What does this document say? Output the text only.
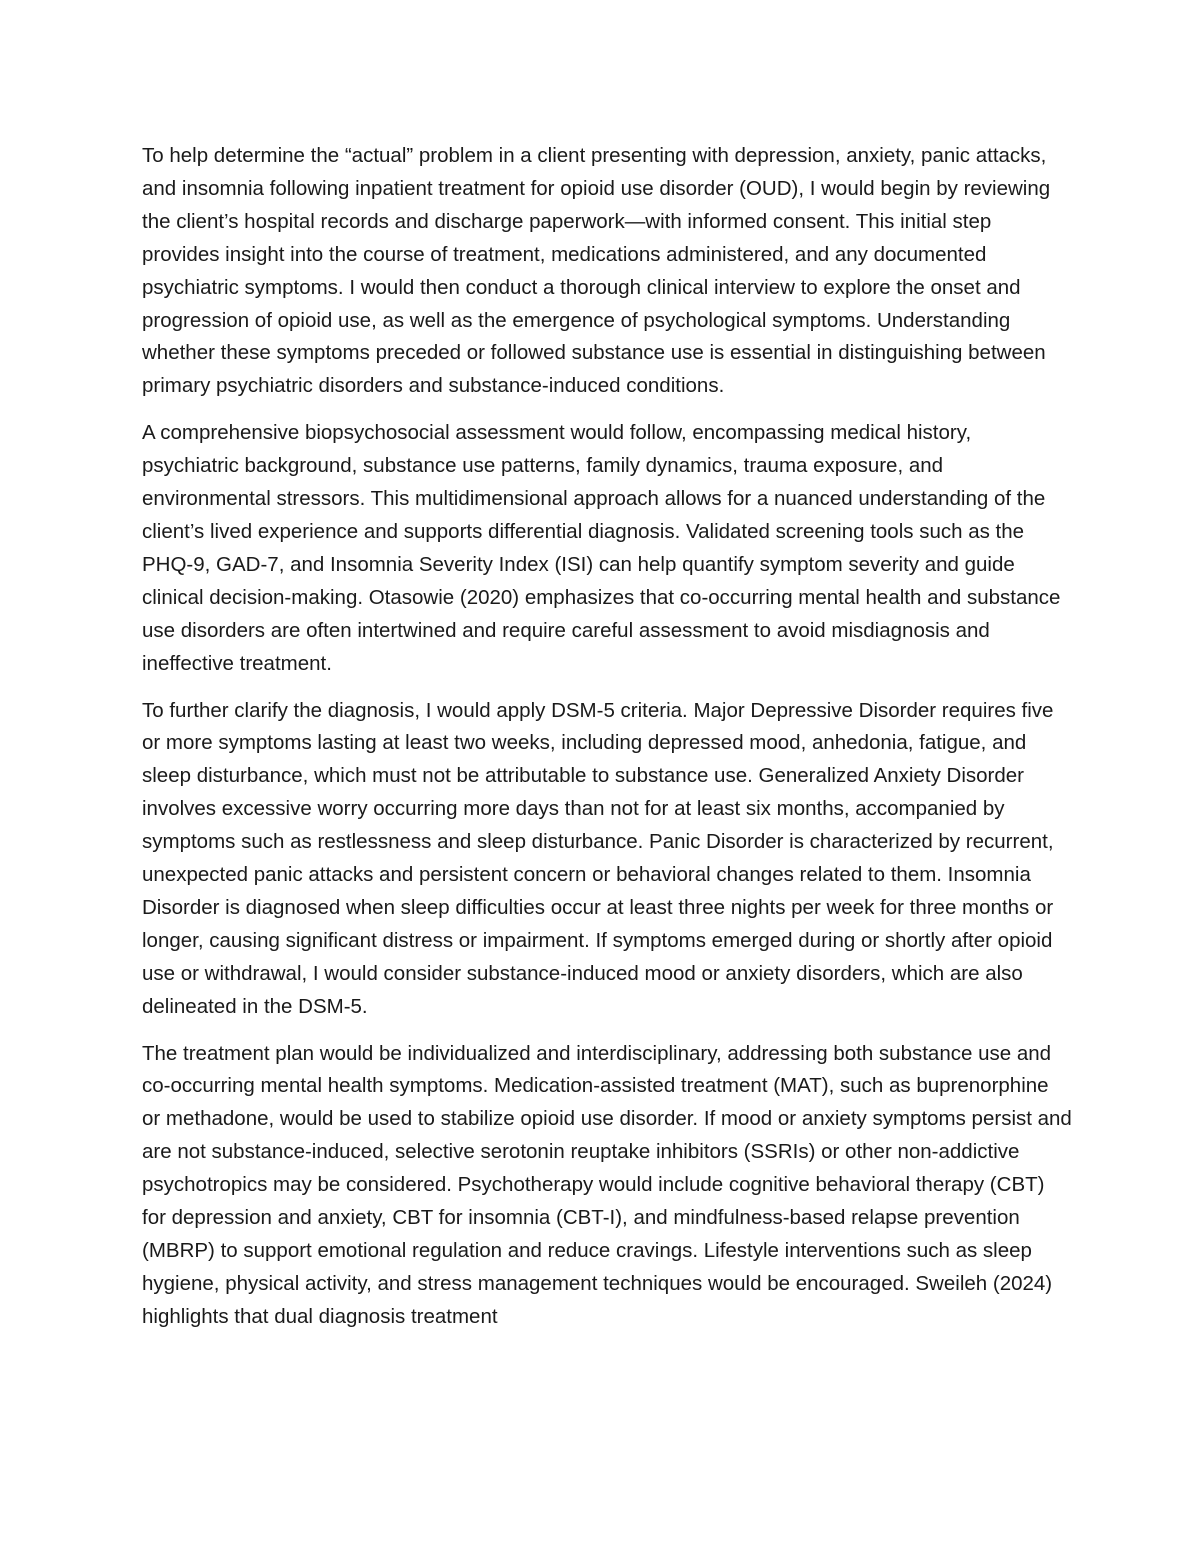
To help determine the “actual” problem in a client presenting with depression, anxiety, panic attacks, and insomnia following inpatient treatment for opioid use disorder (OUD), I would begin by reviewing the client’s hospital records and discharge paperwork—with informed consent. This initial step provides insight into the course of treatment, medications administered, and any documented psychiatric symptoms. I would then conduct a thorough clinical interview to explore the onset and progression of opioid use, as well as the emergence of psychological symptoms. Understanding whether these symptoms preceded or followed substance use is essential in distinguishing between primary psychiatric disorders and substance-induced conditions.

A comprehensive biopsychosocial assessment would follow, encompassing medical history, psychiatric background, substance use patterns, family dynamics, trauma exposure, and environmental stressors. This multidimensional approach allows for a nuanced understanding of the client’s lived experience and supports differential diagnosis. Validated screening tools such as the PHQ-9, GAD-7, and Insomnia Severity Index (ISI) can help quantify symptom severity and guide clinical decision-making. Otasowie (2020) emphasizes that co-occurring mental health and substance use disorders are often intertwined and require careful assessment to avoid misdiagnosis and ineffective treatment.

To further clarify the diagnosis, I would apply DSM-5 criteria. Major Depressive Disorder requires five or more symptoms lasting at least two weeks, including depressed mood, anhedonia, fatigue, and sleep disturbance, which must not be attributable to substance use. Generalized Anxiety Disorder involves excessive worry occurring more days than not for at least six months, accompanied by symptoms such as restlessness and sleep disturbance. Panic Disorder is characterized by recurrent, unexpected panic attacks and persistent concern or behavioral changes related to them. Insomnia Disorder is diagnosed when sleep difficulties occur at least three nights per week for three months or longer, causing significant distress or impairment. If symptoms emerged during or shortly after opioid use or withdrawal, I would consider substance-induced mood or anxiety disorders, which are also delineated in the DSM-5.

The treatment plan would be individualized and interdisciplinary, addressing both substance use and co-occurring mental health symptoms. Medication-assisted treatment (MAT), such as buprenorphine or methadone, would be used to stabilize opioid use disorder. If mood or anxiety symptoms persist and are not substance-induced, selective serotonin reuptake inhibitors (SSRIs) or other non-addictive psychotropics may be considered. Psychotherapy would include cognitive behavioral therapy (CBT) for depression and anxiety, CBT for insomnia (CBT-I), and mindfulness-based relapse prevention (MBRP) to support emotional regulation and reduce cravings. Lifestyle interventions such as sleep hygiene, physical activity, and stress management techniques would be encouraged. Sweileh (2024) highlights that dual diagnosis treatment
